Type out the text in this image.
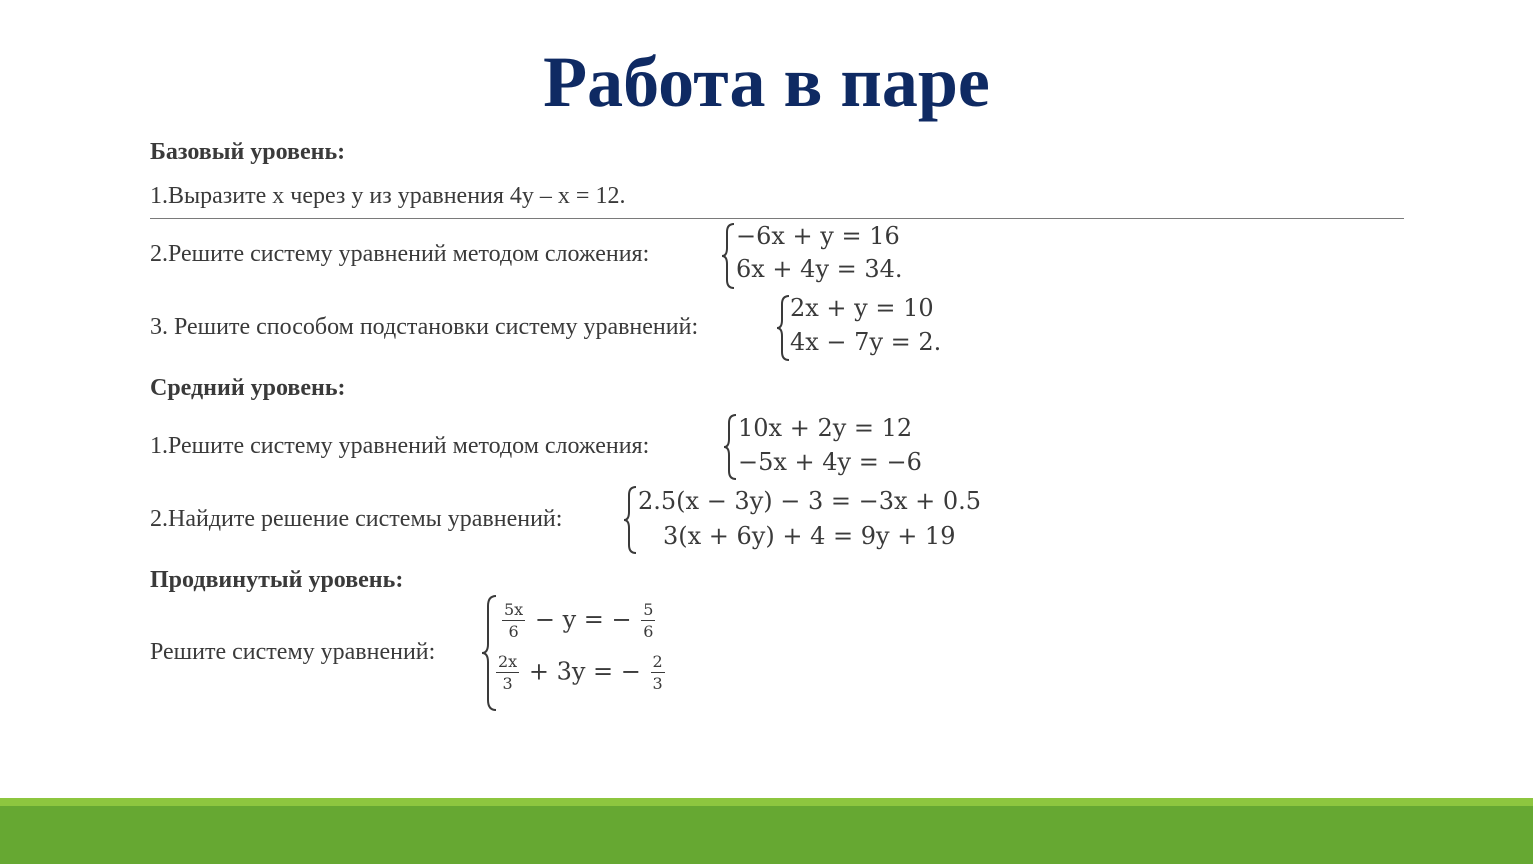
Работа в паре
Базовый уровень:
1.Выразите х через у из уравнения 4у – х = 12.
2.Решите систему уравнений методом сложения:
−6x + y = 16
6x + 4y = 34.
3. Решите способом подстановки систему уравнений:
2x + y = 10
4x − 7y = 2.
Средний уровень:
1.Решите систему уравнений методом сложения:
10x + 2y = 12
−5x + 4y = −6
2.Найдите решение системы уравнений:
2.5(x − 3y) − 3 = −3x + 0.5
3(x + 6y) + 4 = 9y + 19
Продвинутый уровень:
Решите систему уравнений:
$\frac{5x}{6} - y$ = − $\frac{5}{6}$
$\frac{2x}{3} + 3y$ = − $\frac{2}{3}$
